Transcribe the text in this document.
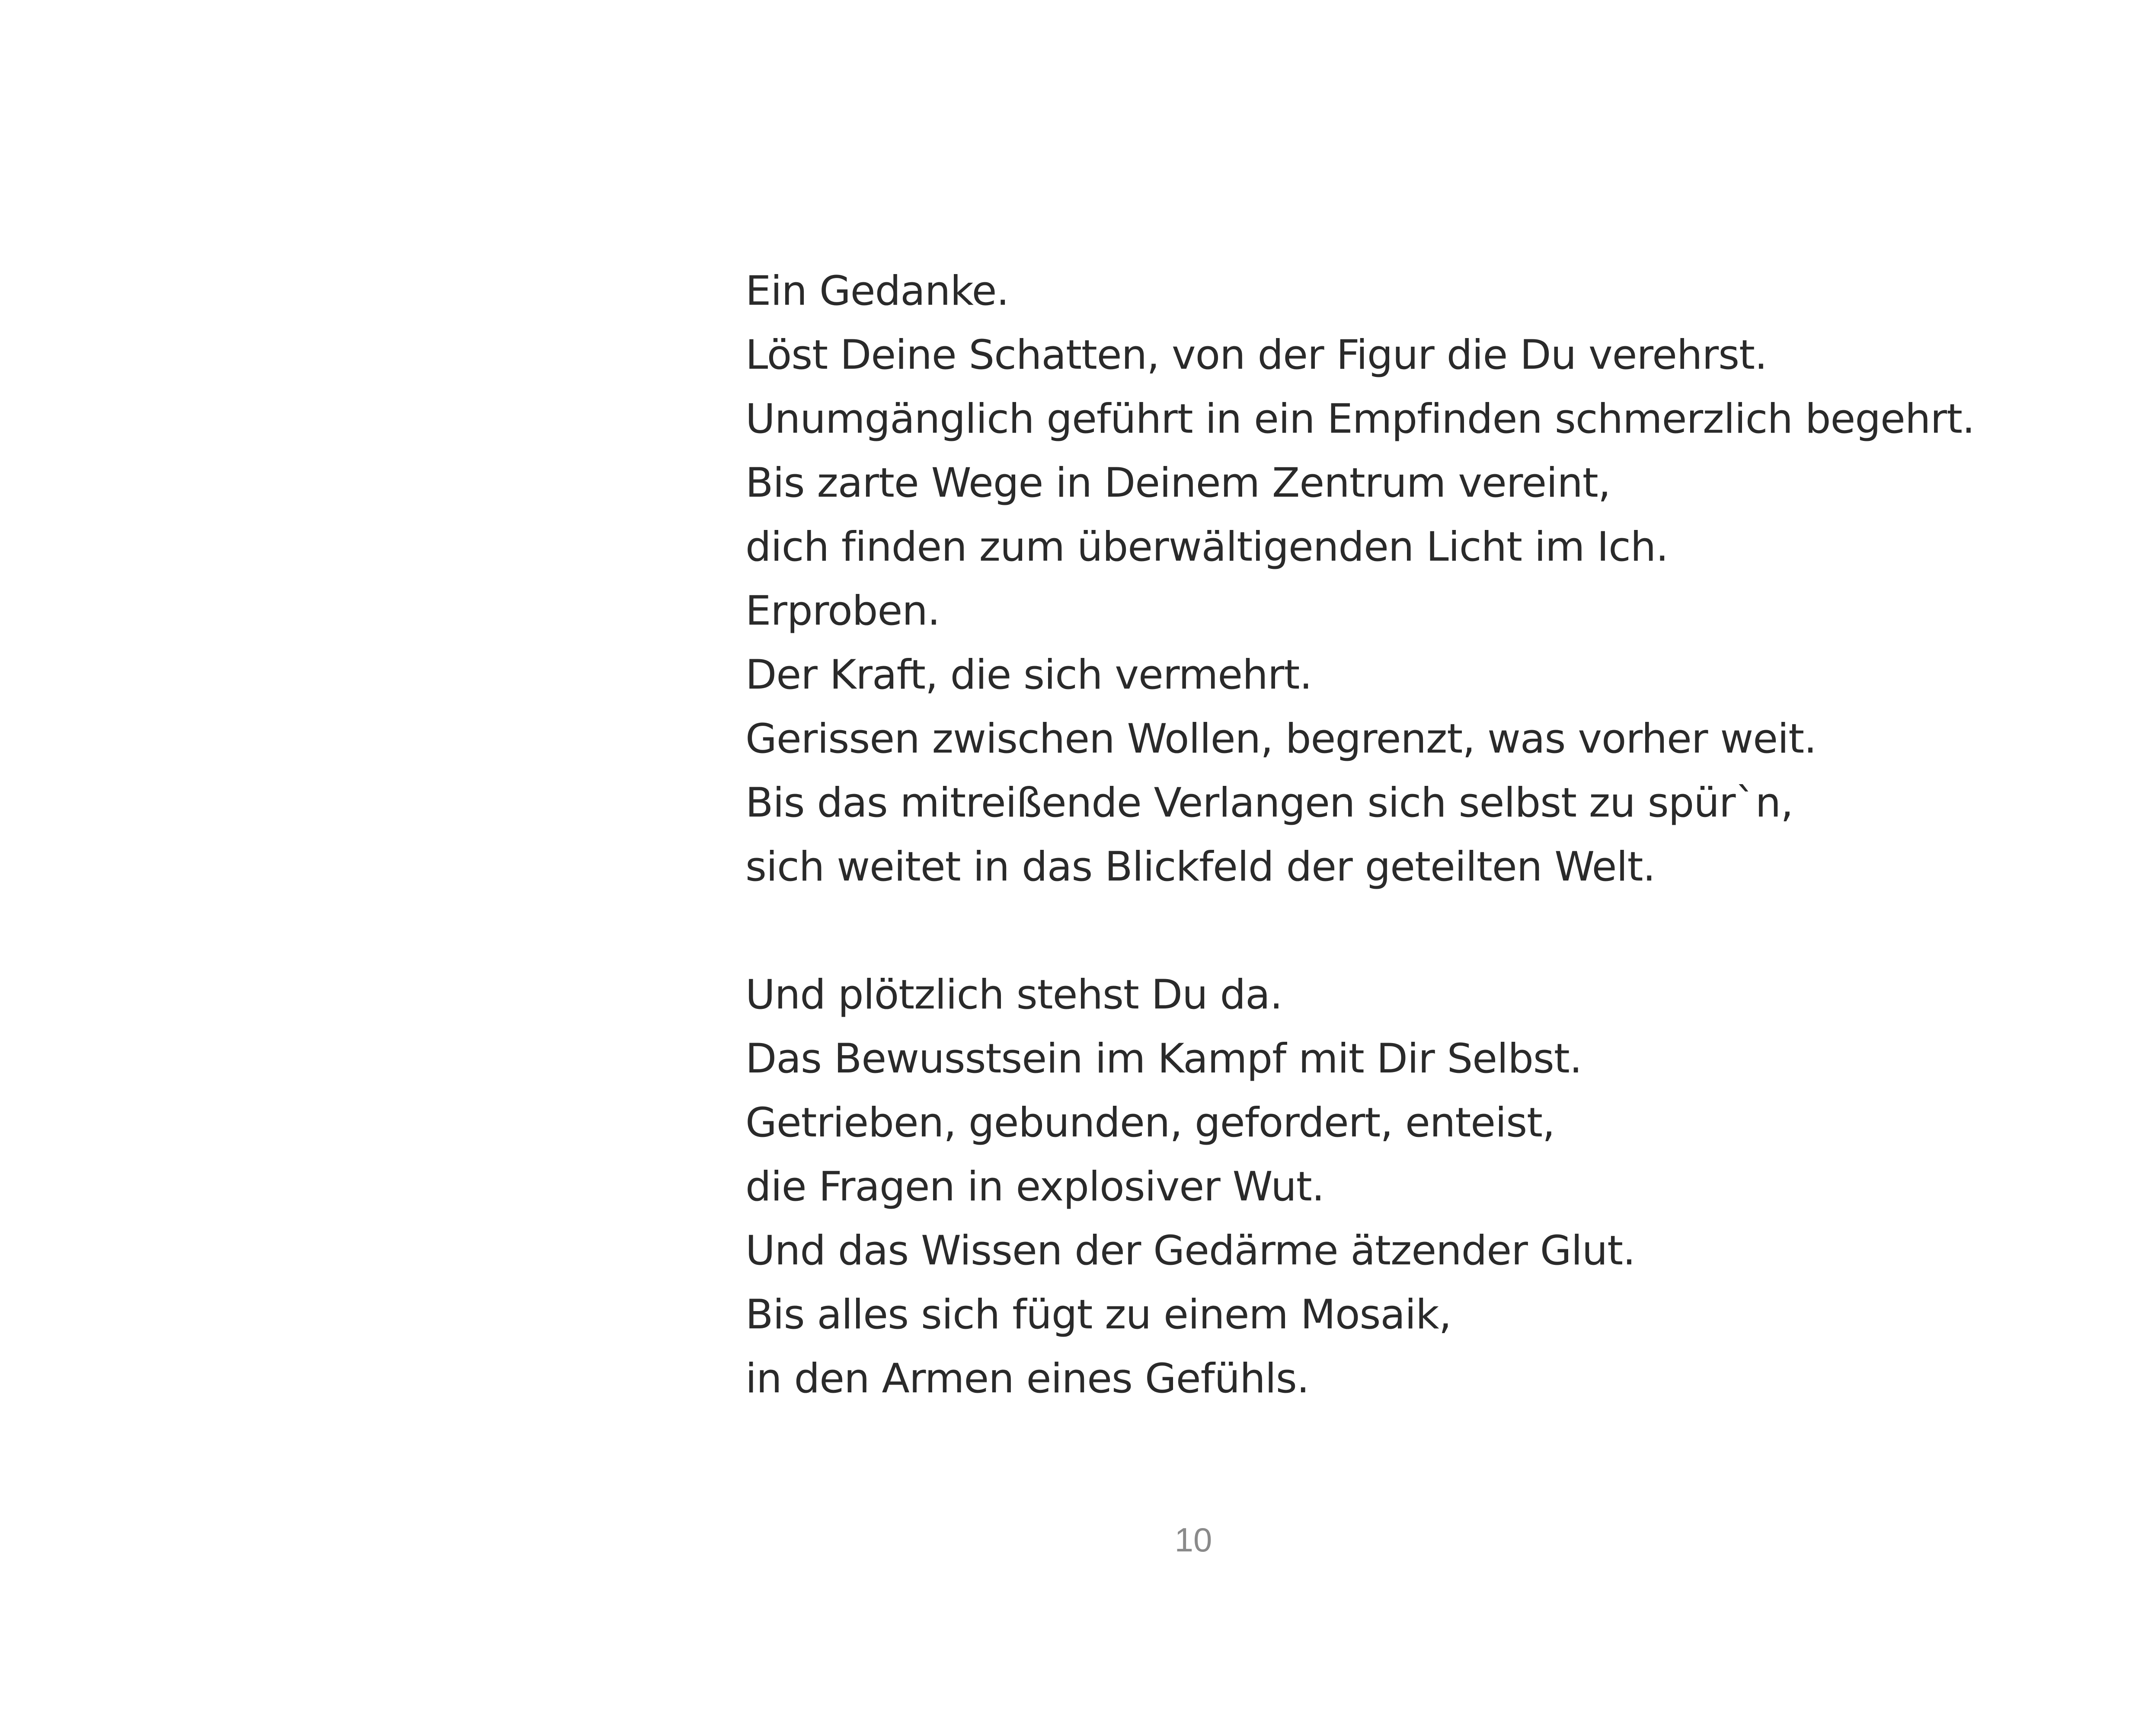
Ein Gedanke.
Löst Deine Schatten, von der Figur die Du verehrst.
Unumgänglich geführt in ein Empfinden schmerzlich begehrt.
Bis zarte Wege in Deinem Zentrum vereint,
dich finden zum überwältigenden Licht im Ich.
Erproben.
Der Kraft, die sich vermehrt.
Gerissen zwischen Wollen, begrenzt, was vorher weit.
Bis das mitreißende Verlangen sich selbst zu spür`n,
sich weitet in das Blickfeld der geteilten Welt.
Und plötzlich stehst Du da.
Das Bewusstsein im Kampf mit Dir Selbst.
Getrieben, gebunden, gefordert, enteist,
die Fragen in explosiver Wut.
Und das Wissen der Gedärme ätzender Glut.
Bis alles sich fügt zu einem Mosaik,
in den Armen eines Gefühls.
10
